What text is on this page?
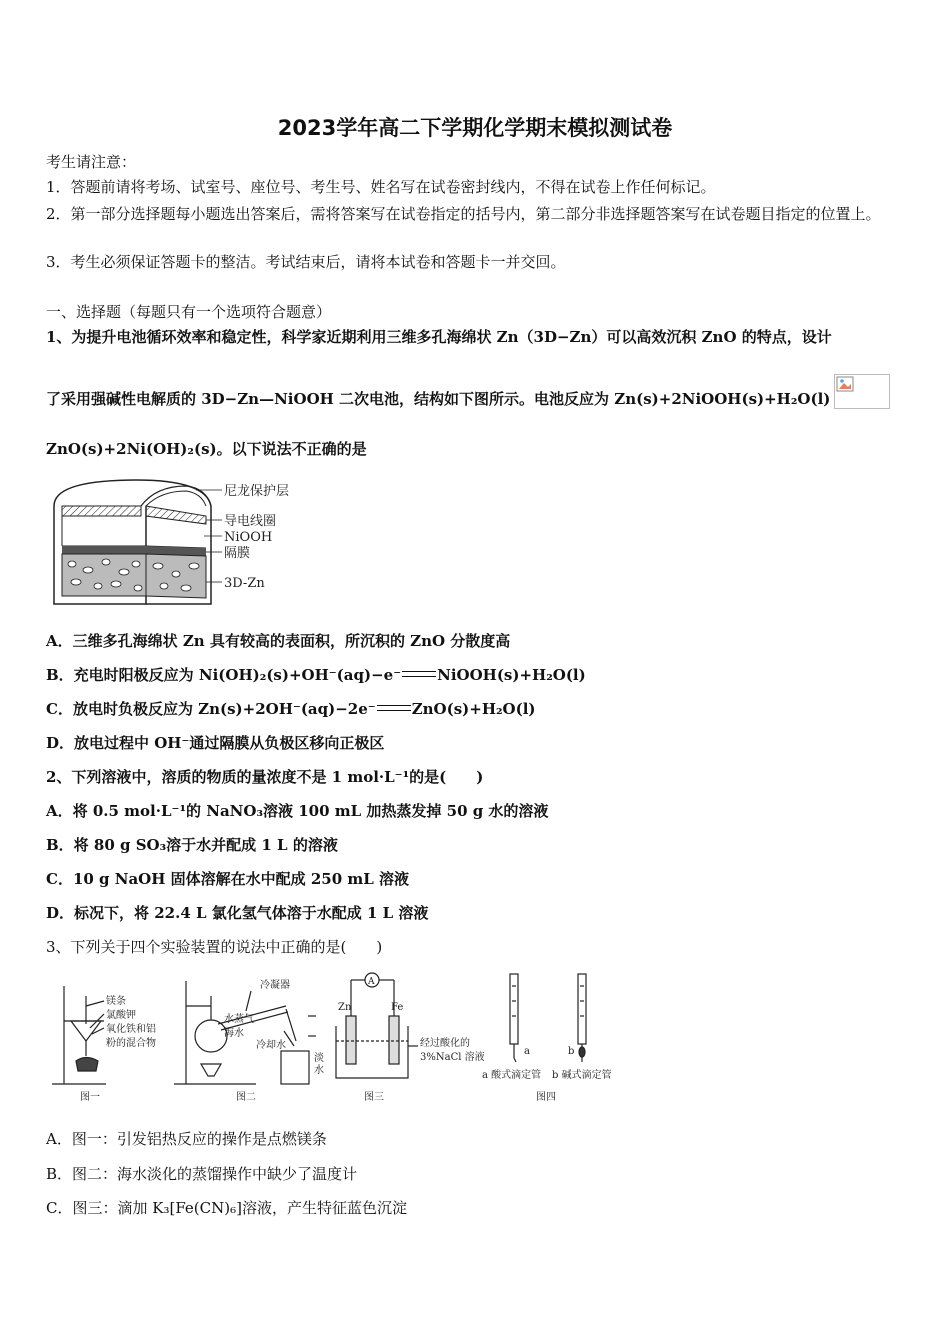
2023学年高二下学期化学期末模拟测试卷
考生请注意：
1．答题前请将考场、试室号、座位号、考生号、姓名写在试卷密封线内，不得在试卷上作任何标记。
2．第一部分选择题每小题选出答案后，需将答案写在试卷指定的括号内，第二部分非选择题答案写在试卷题目指定的位置上。
3．考生必须保证答题卡的整洁。考试结束后，请将本试卷和答题卡一并交回。
一、选择题（每题只有一个选项符合题意）
1、为提升电池循环效率和稳定性，科学家近期利用三维多孔海绵状 Zn（3D−Zn）可以高效沉积 ZnO 的特点，设计
了采用强碱性电解质的 3D−Zn—NiOOH 二次电池，结构如下图所示。电池反应为 Zn(s)+2NiOOH(s)+H₂O(l)
ZnO(s)+2Ni(OH)₂(s)。以下说法不正确的是
尼龙保护层
导电线圈
NiOOH
隔膜
3D-Zn
A．三维多孔海绵状 Zn 具有较高的表面积，所沉积的 ZnO 分散度高
B．充电时阳极反应为 Ni(OH)₂(s)+OH⁻(aq)−e⁻ NiOOH(s)+H₂O(l)
C．放电时负极反应为 Zn(s)+2OH⁻(aq)−2e⁻ ZnO(s)+H₂O(l)
D．放电过程中 OH⁻通过隔膜从负极区移向正极区
2、下列溶液中，溶质的物质的量浓度不是 1 mol·L⁻¹的是(　　)
A．将 0.5 mol·L⁻¹的 NaNO₃溶液 100 mL 加热蒸发掉 50 g 水的溶液
B．将 80 g SO₃溶于水并配成 1 L 的溶液
C．10 g NaOH 固体溶解在水中配成 250 mL 溶液
D．标况下，将 22.4 L 氯化氢气体溶于水配成 1 L 溶液
3、下列关于四个实验装置的说法中正确的是(　　)
镁条
氯酸钾
氧化铁和铝
粉的混合物
图一
冷凝器
水蒸气
海水
冷却水
淡
水
图二
A
Zn	Fe
经过酸化的
3%NaCl 溶液
图三
a	b
a 酸式滴定管 b 碱式滴定管
图四
A．图一：引发铝热反应的操作是点燃镁条
B．图二：海水淡化的蒸馏操作中缺少了温度计
C．图三：滴加 K₃[Fe(CN)₆]溶液，产生特征蓝色沉淀
